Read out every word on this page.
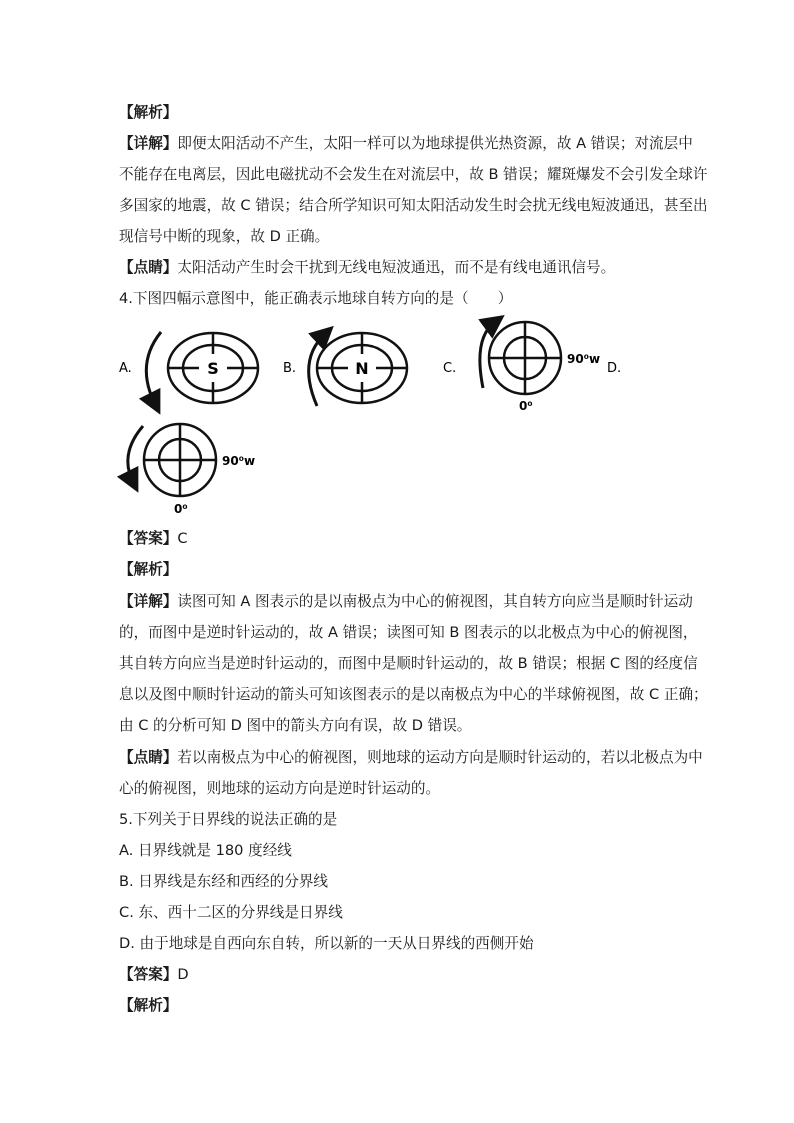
【解析】
【详解】即便太阳活动不产生，太阳一样可以为地球提供光热资源，故 A 错误；对流层中
不能存在电离层，因此电磁扰动不会发生在对流层中，故 B 错误；耀斑爆发不会引发全球许
多国家的地震，故 C 错误；结合所学知识可知太阳活动发生时会扰无线电短波通迅，甚至出
现信号中断的现象，故 D 正确。
【点睛】太阳活动产生时会干扰到无线电短波通迅，而不是有线电通讯信号。
4.下图四幅示意图中，能正确表示地球自转方向的是（　　）
A.	S	B.	N	C.
90⁰w
0⁰
D.
90⁰w
0⁰
【答案】C
【解析】
【详解】读图可知 A 图表示的是以南极点为中心的俯视图，其自转方向应当是顺时针运动
的，而图中是逆时针运动的，故 A 错误；读图可知 B 图表示的以北极点为中心的俯视图，
其自转方向应当是逆时针运动的，而图中是顺时针运动的，故 B 错误；根据 C 图的经度信
息以及图中顺时针运动的箭头可知该图表示的是以南极点为中心的半球俯视图，故 C 正确；
由 C 的分析可知 D 图中的箭头方向有误，故 D 错误。
【点睛】若以南极点为中心的俯视图，则地球的运动方向是顺时针运动的，若以北极点为中
心的俯视图，则地球的运动方向是逆时针运动的。
5.下列关于日界线的说法正确的是
A. 日界线就是 180 度经线
B. 日界线是东经和西经的分界线
C. 东、西十二区的分界线是日界线
D. 由于地球是自西向东自转，所以新的一天从日界线的西侧开始
【答案】D
【解析】
